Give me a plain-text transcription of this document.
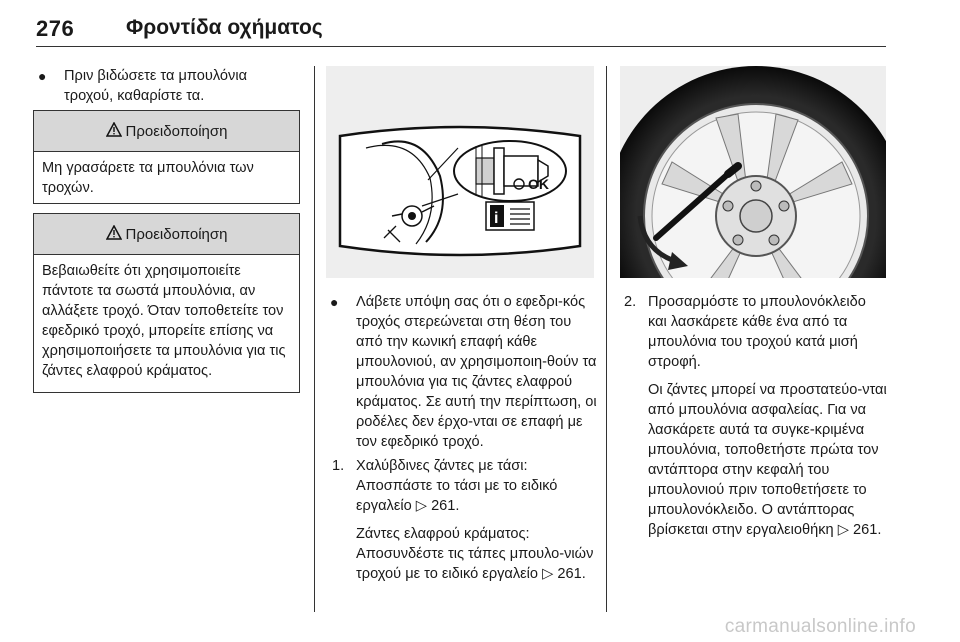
276 Φροντίδα οχήματος
● Πριν βιδώσετε τα μπουλόνια τροχού, καθαρίστε τα.
Προειδοποίηση
Μη γρασάρετε τα μπουλόνια των τροχών.
Προειδοποίηση
Βεβαιωθείτε ότι χρησιμοποιείτε πάντοτε τα σωστά μπουλόνια, αν αλλάξετε τροχό. Όταν τοποθετείτε τον εφεδρικό τροχό, μπορείτε επίσης να χρησιμοποιήσετε τα μπουλόνια για τις ζάντες ελαφρού κράματος.
OK
i
● Λάβετε υπόψη σας ότι ο εφεδρι-κός τροχός στερεώνεται στη θέση του από την κωνική επαφή κάθε μπουλονιού, αν χρησιμοποιη-θούν τα μπουλόνια για τις ζάντες ελαφρού κράματος. Σε αυτή την περίπτωση, οι ροδέλες δεν έρχο-νται σε επαφή με τον εφεδρικό τροχό.
1. Χαλύβδινες ζάντες με τάσι: Αποσπάστε το τάσι με το ειδικό εργαλείο ▷ 261.
Ζάντες ελαφρού κράματος: Αποσυνδέστε τις τάπες μπουλο-νιών τροχού με το ειδικό εργαλείο ▷ 261.
2. Προσαρμόστε το μπουλονόκλειδο και λασκάρετε κάθε ένα από τα μπουλόνια του τροχού κατά μισή στροφή.
Οι ζάντες μπορεί να προστατεύο-νται από μπουλόνια ασφαλείας. Για να λασκάρετε αυτά τα συγκε-κριμένα μπουλόνια, τοποθετήστε πρώτα τον αντάπτορα στην κεφαλή του μπουλονιού πριν τοποθετήσετε το μπουλονόκλειδο. Ο αντάπτορας βρίσκεται στην εργαλειοθήκη ▷ 261.
carmanualsonline.info
